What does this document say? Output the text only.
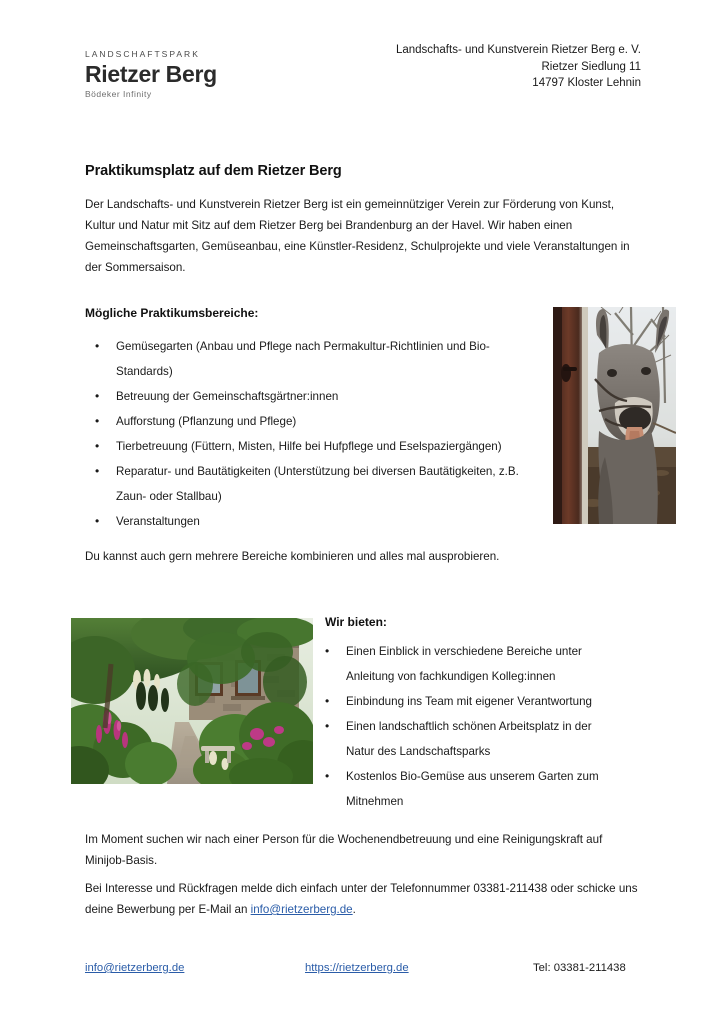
LANDSCHAFTSPARK
Rietzer Berg
Bödeker Infinity
Landschafts- und Kunstverein Rietzer Berg e. V.
Rietzer Siedlung 11
14797 Kloster Lehnin
Praktikumsplatz auf dem Rietzer Berg
Der Landschafts- und Kunstverein Rietzer Berg ist ein gemeinnütziger Verein zur Förderung von Kunst, Kultur und Natur mit Sitz auf dem Rietzer Berg bei Brandenburg an der Havel. Wir haben einen Gemeinschaftsgarten, Gemüseanbau, eine Künstler-Residenz, Schulprojekte und viele Veranstaltungen in der Sommersaison.
Mögliche Praktikumsbereiche:
• Gemüsegarten (Anbau und Pflege nach Permakultur-Richtlinien und Bio-Standards)
• Betreuung der Gemeinschaftsgärtner:innen
• Aufforstung (Pflanzung und Pflege)
• Tierbetreuung (Füttern, Misten, Hilfe bei Hufpflege und Eselspaziergängen)
• Reparatur- und Bautätigkeiten (Unterstützung bei diversen Bautätigkeiten, z.B. Zaun- oder Stallbau)
• Veranstaltungen
Du kannst auch gern mehrere Bereiche kombinieren und alles mal ausprobieren.
Wir bieten:
• Einen Einblick in verschiedene Bereiche unter Anleitung von fachkundigen Kolleg:innen
• Einbindung ins Team mit eigener Verantwortung
• Einen landschaftlich schönen Arbeitsplatz in der Natur des Landschaftsparks
• Kostenlos Bio-Gemüse aus unserem Garten zum Mitnehmen
Im Moment suchen wir nach einer Person für die Wochenendbetreuung und eine Reinigungskraft auf Minijob-Basis.
Bei Interesse und Rückfragen melde dich einfach unter der Telefonnummer 03381-211438 oder schicke uns deine Bewerbung per E-Mail an info@rietzerberg.de.
info@rietzerberg.de	https://rietzerberg.de	Tel: 03381-211438
